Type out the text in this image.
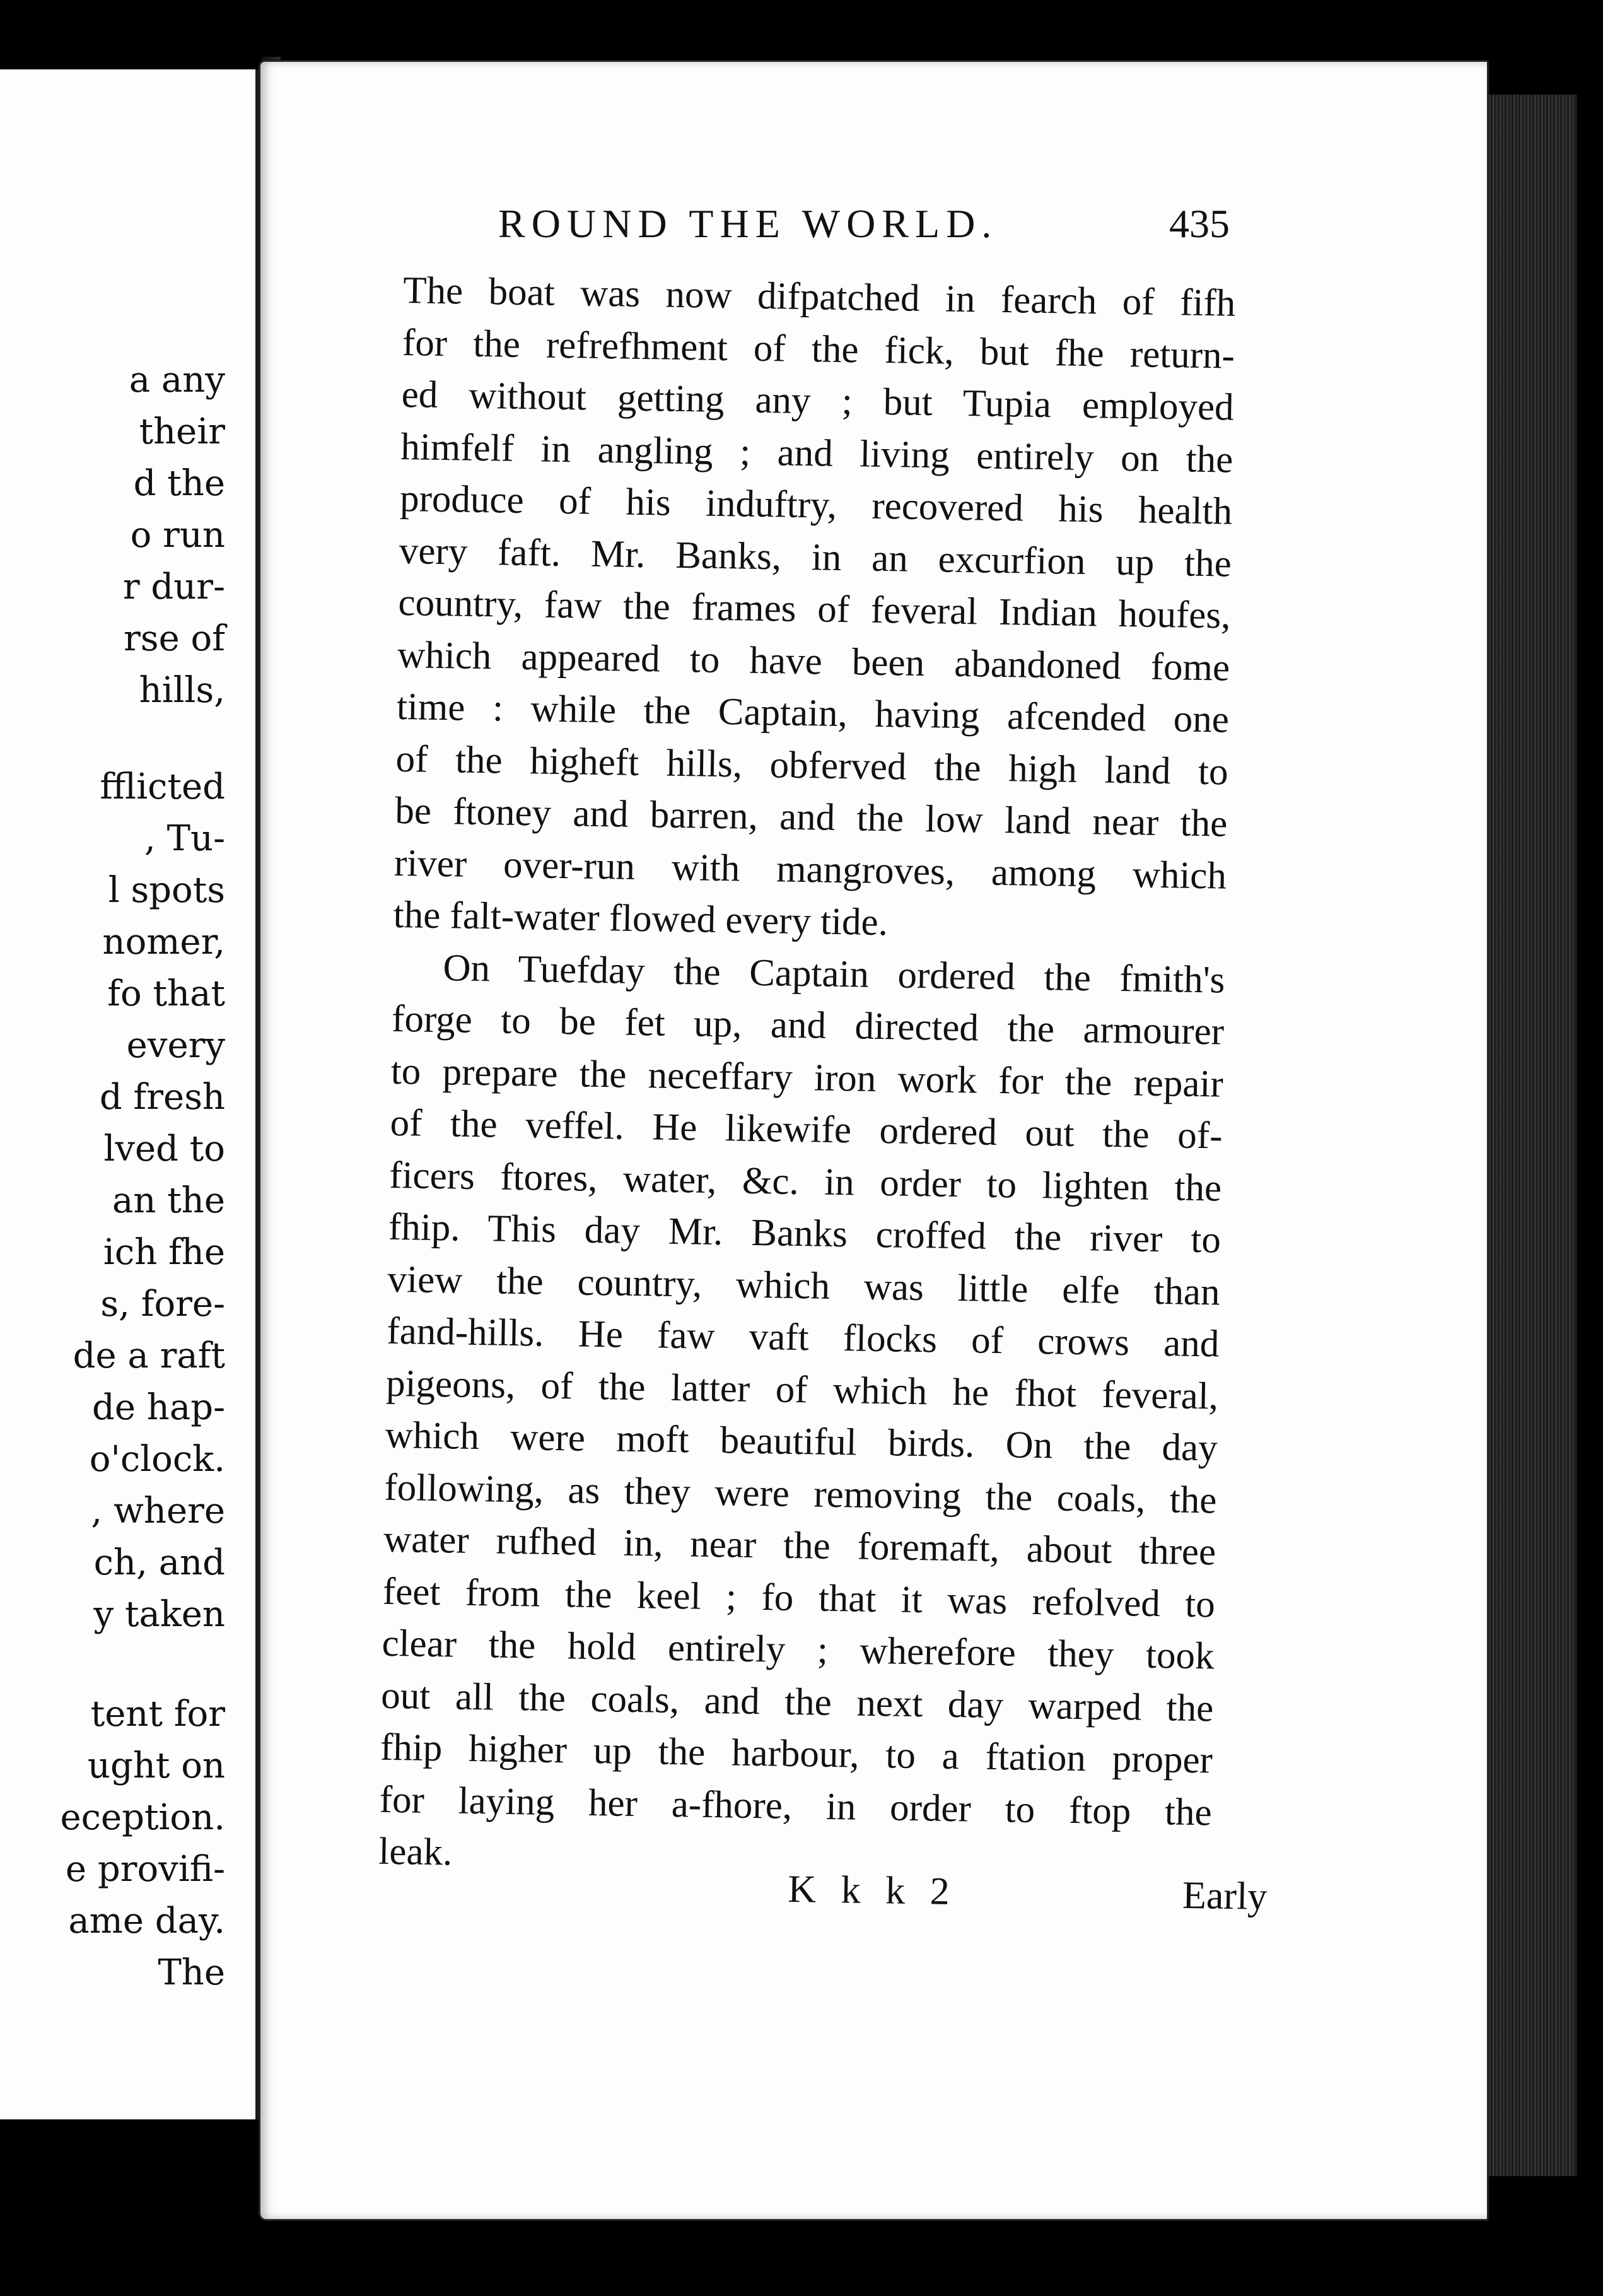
a any
their
d the
o run
r dur-
rse of
hills,
fflicted
, Tu-
l spots
nomer,
fo that
every
d fresh
lved to
an the
ich fhe
s, fore-
de a raft
de hap-
o'clock.
, where
ch, and
y taken
tent for
ught on
eception.
e provifi-
ame day.
The
ROUND THE WORLD.	435
The boat was now difpatched in fearch of fifh
for the refrefhment of the fick, but fhe return-
ed without getting any ; but Tupia employed
himfelf in angling ; and living entirely on the
produce of his induftry, recovered his health
very faft. Mr. Banks, in an excurfion up the
country, faw the frames of feveral Indian houfes,
which appeared to have been abandoned fome
time : while the Captain, having afcended one
of the higheft hills, obferved the high land to
be ftoney and barren, and the low land near the
river over-run with mangroves, among which
the falt-water flowed every tide.
On Tuefday the Captain ordered the fmith's
forge to be fet up, and directed the armourer
to prepare the neceffary iron work for the repair
of the veffel. He likewife ordered out the of-
ficers ftores, water, &c. in order to lighten the
fhip. This day Mr. Banks croffed the river to
view the country, which was little elfe than
fand-hills. He faw vaft flocks of crows and
pigeons, of the latter of which he fhot feveral,
which were moft beautiful birds. On the day
following, as they were removing the coals, the
water rufhed in, near the foremaft, about three
feet from the keel ; fo that it was refolved to
clear the hold entirely ; wherefore they took
out all the coals, and the next day warped the
fhip higher up the harbour, to a ftation proper
for laying her a-fhore, in order to ftop the
leak.
K k k 2	Early
